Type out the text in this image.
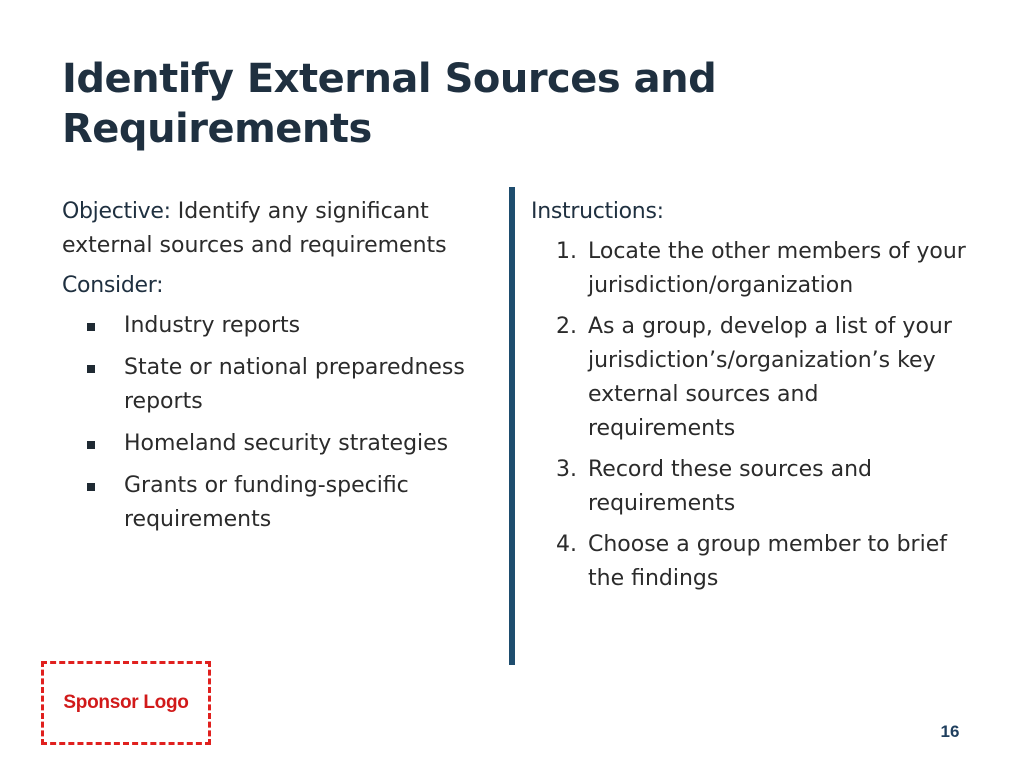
Identify External Sources and Requirements

Objective: Identify any significant external sources and requirements

Consider:

Industry reports
State or national preparedness reports
Homeland security strategies
Grants or funding-specific requirements

Instructions:

1. Locate the other members of your jurisdiction/organization
2. As a group, develop a list of your jurisdiction’s/organization’s key external sources and requirements
3. Record these sources and requirements
4. Choose a group member to brief the findings
Sponsor Logo
16
